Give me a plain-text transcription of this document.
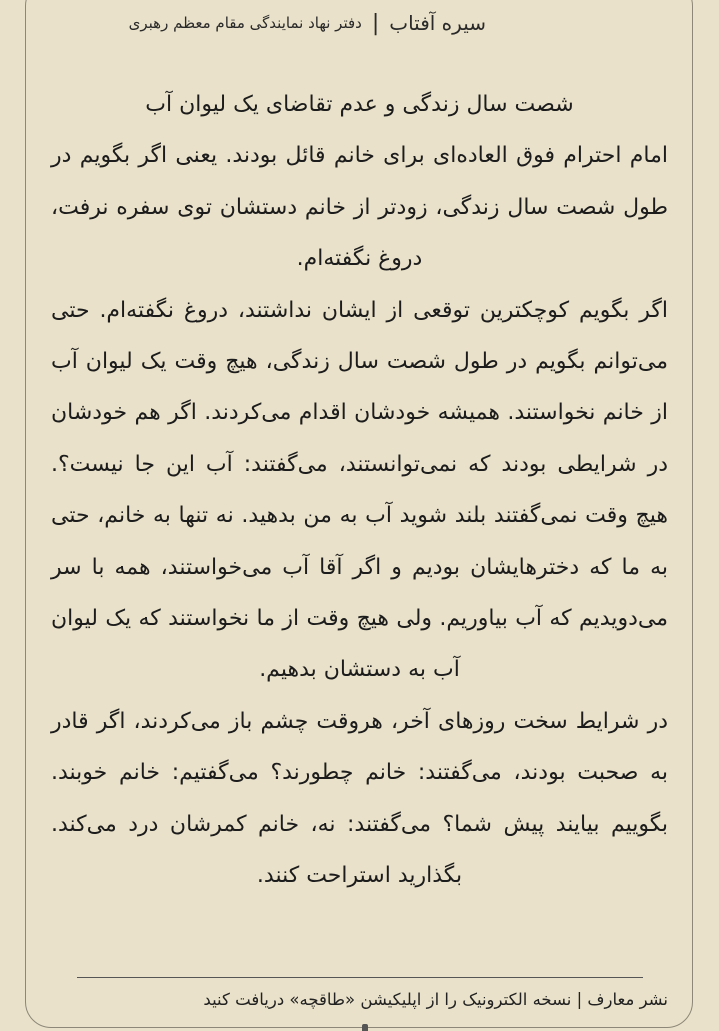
سیره آفتاب
|
دفتر نهاد نمایندگی مقام معظم رهبری

شصت سال زندگی و عدم تقاضای یک لیوان آب

امام احترام فوق العاده‌ای برای خانم قائل بودند. یعنی اگر بگویم در طول شصت سال زندگی، زودتر از خانم دستشان توی سفره نرفت، دروغ نگفته‌ام.

اگر بگویم کوچکترین توقعی از ایشان نداشتند، دروغ نگفته‌ام. حتی می‌توانم بگویم در طول شصت سال زندگی، هیچ وقت یک لیوان آب از خانم نخواستند. همیشه خودشان اقدام می‌کردند. اگر هم خودشان در شرایطی بودند که نمی‌توانستند، می‌گفتند: آب این جا نیست؟. هیچ وقت نمی‌گفتند بلند شوید آب به من بدهید. نه تنها به خانم، حتی به ما که دخترهایشان بودیم و اگر آقا آب می‌خواستند، همه با سر می‌دویدیم که آب بیاوریم. ولی هیچ وقت از ما نخواستند که یک لیوان آب به دستشان بدهیم.

در شرایط سخت روزهای آخر، هروقت چشم باز می‌کردند، اگر قادر به صحبت بودند، می‌گفتند: خانم چطورند؟ می‌گفتیم: خانم خوبند. بگوییم بیایند پیش شما؟ می‌گفتند: نه، خانم کمرشان درد می‌کند. بگذارید استراحت کنند.

نشر معارف | نسخه الکترونیک را از اپلیکیشن «طاقچه» دریافت کنید
